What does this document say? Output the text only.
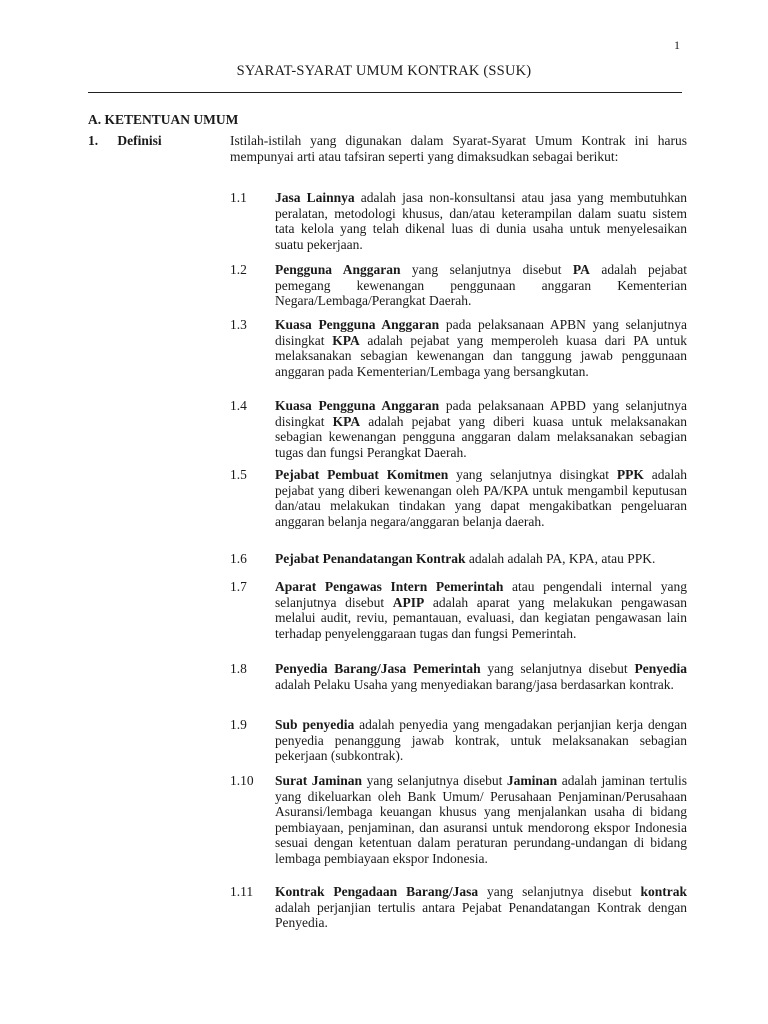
1
SYARAT-SYARAT UMUM KONTRAK (SSUK)
A. KETENTUAN UMUM
1. Definisi	Istilah-istilah yang digunakan dalam Syarat-Syarat Umum Kontrak ini harus mempunyai arti atau tafsiran seperti yang dimaksudkan sebagai berikut:
1.1	Jasa Lainnya adalah jasa non-konsultansi atau jasa yang membutuhkan peralatan, metodologi khusus, dan/atau keterampilan dalam suatu sistem tata kelola yang telah dikenal luas di dunia usaha untuk menyelesaikan suatu pekerjaan.
1.2	Pengguna Anggaran yang selanjutnya disebut PA adalah pejabat pemegang kewenangan penggunaan anggaran Kementerian Negara/Lembaga/Perangkat Daerah.
1.3	Kuasa Pengguna Anggaran pada pelaksanaan APBN yang selanjutnya disingkat KPA adalah pejabat yang memperoleh kuasa dari PA untuk melaksanakan sebagian kewenangan dan tanggung jawab penggunaan anggaran pada Kementerian/Lembaga yang bersangkutan.
1.4	Kuasa Pengguna Anggaran pada pelaksanaan APBD yang selanjutnya disingkat KPA adalah pejabat yang diberi kuasa untuk melaksanakan sebagian kewenangan pengguna anggaran dalam melaksanakan sebagian tugas dan fungsi Perangkat Daerah.
1.5	Pejabat Pembuat Komitmen yang selanjutnya disingkat PPK adalah pejabat yang diberi kewenangan oleh PA/KPA untuk mengambil keputusan dan/atau melakukan tindakan yang dapat mengakibatkan pengeluaran anggaran belanja negara/anggaran belanja daerah.
1.6	Pejabat Penandatangan Kontrak adalah adalah PA, KPA, atau PPK.
1.7	Aparat Pengawas Intern Pemerintah atau pengendali internal yang selanjutnya disebut APIP adalah aparat yang melakukan pengawasan melalui audit, reviu, pemantauan, evaluasi, dan kegiatan pengawasan lain terhadap penyelenggaraan tugas dan fungsi Pemerintah.
1.8	Penyedia Barang/Jasa Pemerintah yang selanjutnya disebut Penyedia adalah Pelaku Usaha yang menyediakan barang/jasa berdasarkan kontrak.
1.9	Sub penyedia adalah penyedia yang mengadakan perjanjian kerja dengan penyedia penanggung jawab kontrak, untuk melaksanakan sebagian pekerjaan (subkontrak).
1.10	Surat Jaminan yang selanjutnya disebut Jaminan adalah jaminan tertulis yang dikeluarkan oleh Bank Umum/ Perusahaan Penjaminan/Perusahaan Asuransi/lembaga keuangan khusus yang menjalankan usaha di bidang pembiayaan, penjaminan, dan asuransi untuk mendorong ekspor Indonesia sesuai dengan ketentuan dalam peraturan perundang-undangan di bidang lembaga pembiayaan ekspor Indonesia.
1.11	Kontrak Pengadaan Barang/Jasa yang selanjutnya disebut kontrak adalah perjanjian tertulis antara Pejabat Penandatangan Kontrak dengan Penyedia.
